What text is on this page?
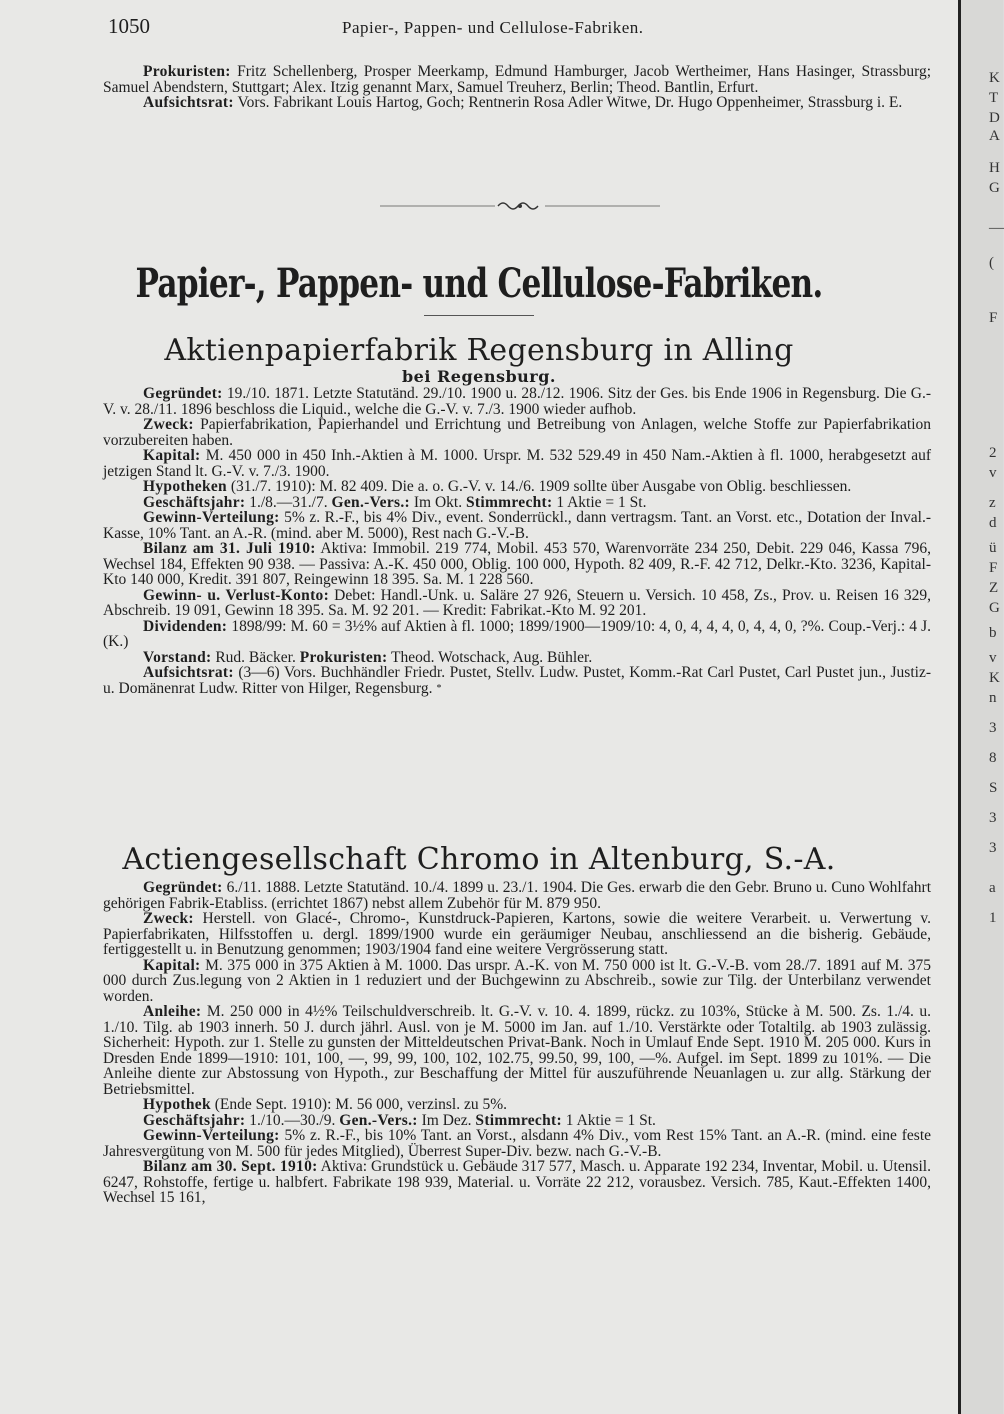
1050	Papier-, Pappen- und Cellulose-Fabriken.

Prokuristen: Fritz Schellenberg, Prosper Meerkamp, Edmund Hamburger, Jacob Wertheimer, Hans Hasinger, Strassburg; Samuel Abendstern, Stuttgart; Alex. Itzig genannt Marx, Samuel Treuherz, Berlin; Theod. Bantlin, Erfurt.

Aufsichtsrat: Vors. Fabrikant Louis Hartog, Goch; Rentnerin Rosa Adler Witwe, Dr. Hugo Oppenheimer, Strassburg i. E.

Papier-, Pappen- und Cellulose-Fabriken.
Aktienpapierfabrik Regensburg in Alling
bei Regensburg.

Gegründet: 19./10. 1871. Letzte Statutänd. 29./10. 1900 u. 28./12. 1906. Sitz der Ges. bis Ende 1906 in Regensburg. Die G.-V. v. 28./11. 1896 beschloss die Liquid., welche die G.-V. v. 7./3. 1900 wieder aufhob.

Zweck: Papierfabrikation, Papierhandel und Errichtung und Betreibung von Anlagen, welche Stoffe zur Papierfabrikation vorzubereiten haben.

Kapital: M. 450 000 in 450 Inh.-Aktien à M. 1000. Urspr. M. 532 529.49 in 450 Nam.-Aktien à fl. 1000, herabgesetzt auf jetzigen Stand lt. G.-V. v. 7./3. 1900.

Hypotheken (31./7. 1910): M. 82 409. Die a. o. G.-V. v. 14./6. 1909 sollte über Ausgabe von Oblig. beschliessen.

Geschäftsjahr: 1./8.—31./7. Gen.-Vers.: Im Okt. Stimmrecht: 1 Aktie = 1 St.

Gewinn-Verteilung: 5% z. R.-F., bis 4% Div., event. Sonderrückl., dann vertragsm. Tant. an Vorst. etc., Dotation der Inval.-Kasse, 10% Tant. an A.-R. (mind. aber M. 5000), Rest nach G.-V.-B.

Bilanz am 31. Juli 1910: Aktiva: Immobil. 219 774, Mobil. 453 570, Warenvorräte 234 250, Debit. 229 046, Kassa 796, Wechsel 184, Effekten 90 938. — Passiva: A.-K. 450 000, Oblig. 100 000, Hypoth. 82 409, R.-F. 42 712, Delkr.-Kto. 3236, Kapital-Kto 140 000, Kredit. 391 807, Reingewinn 18 395. Sa. M. 1 228 560.

Gewinn- u. Verlust-Konto: Debet: Handl.-Unk. u. Saläre 27 926, Steuern u. Versich. 10 458, Zs., Prov. u. Reisen 16 329, Abschreib. 19 091, Gewinn 18 395. Sa. M. 92 201. — Kredit: Fabrikat.-Kto M. 92 201.

Dividenden: 1898/99: M. 60 = 3½% auf Aktien à fl. 1000; 1899/1900—1909/10: 4, 0, 4, 4, 4, 0, 4, 4, 0, ?%. Coup.-Verj.: 4 J. (K.)

Vorstand: Rud. Bäcker. Prokuristen: Theod. Wotschack, Aug. Bühler.

Aufsichtsrat: (3—6) Vors. Buchhändler Friedr. Pustet, Stellv. Ludw. Pustet, Komm.-Rat Carl Pustet, Carl Pustet jun., Justiz- u. Domänenrat Ludw. Ritter von Hilger, Regensburg. *

Actiengesellschaft Chromo in Altenburg, S.-A.

Gegründet: 6./11. 1888. Letzte Statutänd. 10./4. 1899 u. 23./1. 1904. Die Ges. erwarb die den Gebr. Bruno u. Cuno Wohlfahrt gehörigen Fabrik-Etabliss. (errichtet 1867) nebst allem Zubehör für M. 879 950.

Zweck: Herstell. von Glacé-, Chromo-, Kunstdruck-Papieren, Kartons, sowie die weitere Verarbeit. u. Verwertung v. Papierfabrikaten, Hilfsstoffen u. dergl. 1899/1900 wurde ein geräumiger Neubau, anschliessend an die bisherig. Gebäude, fertiggestellt u. in Benutzung genommen; 1903/1904 fand eine weitere Vergrösserung statt.

Kapital: M. 375 000 in 375 Aktien à M. 1000. Das urspr. A.-K. von M. 750 000 ist lt. G.-V.-B. vom 28./7. 1891 auf M. 375 000 durch Zus.legung von 2 Aktien in 1 reduziert und der Buchgewinn zu Abschreib., sowie zur Tilg. der Unterbilanz verwendet worden.

Anleihe: M. 250 000 in 4½% Teilschuldverschreib. lt. G.-V. v. 10. 4. 1899, rückz. zu 103%, Stücke à M. 500. Zs. 1./4. u. 1./10. Tilg. ab 1903 innerh. 50 J. durch jährl. Ausl. von je M. 5000 im Jan. auf 1./10. Verstärkte oder Totaltilg. ab 1903 zulässig. Sicherheit: Hypoth. zur 1. Stelle zu gunsten der Mitteldeutschen Privat-Bank. Noch in Umlauf Ende Sept. 1910 M. 205 000. Kurs in Dresden Ende 1899—1910: 101, 100, —, 99, 99, 100, 102, 102.75, 99.50, 99, 100, —%. Aufgel. im Sept. 1899 zu 101%. — Die Anleihe diente zur Abstossung von Hypoth., zur Beschaffung der Mittel für auszuführende Neuanlagen u. zur allg. Stärkung der Betriebsmittel.

Hypothek (Ende Sept. 1910): M. 56 000, verzinsl. zu 5%.

Geschäftsjahr: 1./10.—30./9. Gen.-Vers.: Im Dez. Stimmrecht: 1 Aktie = 1 St.

Gewinn-Verteilung: 5% z. R.-F., bis 10% Tant. an Vorst., alsdann 4% Div., vom Rest 15% Tant. an A.-R. (mind. eine feste Jahresvergütung von M. 500 für jedes Mitglied), Überrest Super-Div. bezw. nach G.-V.-B.

Bilanz am 30. Sept. 1910: Aktiva: Grundstück u. Gebäude 317 577, Masch. u. Apparate 192 234, Inventar, Mobil. u. Utensil. 6247, Rohstoffe, fertige u. halbfert. Fabrikate 198 939, Material. u. Vorräte 22 212, vorausbez. Versich. 785, Kaut.-Effekten 1400, Wechsel 15 161,

K
T
D
A
H
G
—
(
F
2
v
z
d
ü
F
Z
G
b
v
K
n
3
8
S
3
3
a
1
